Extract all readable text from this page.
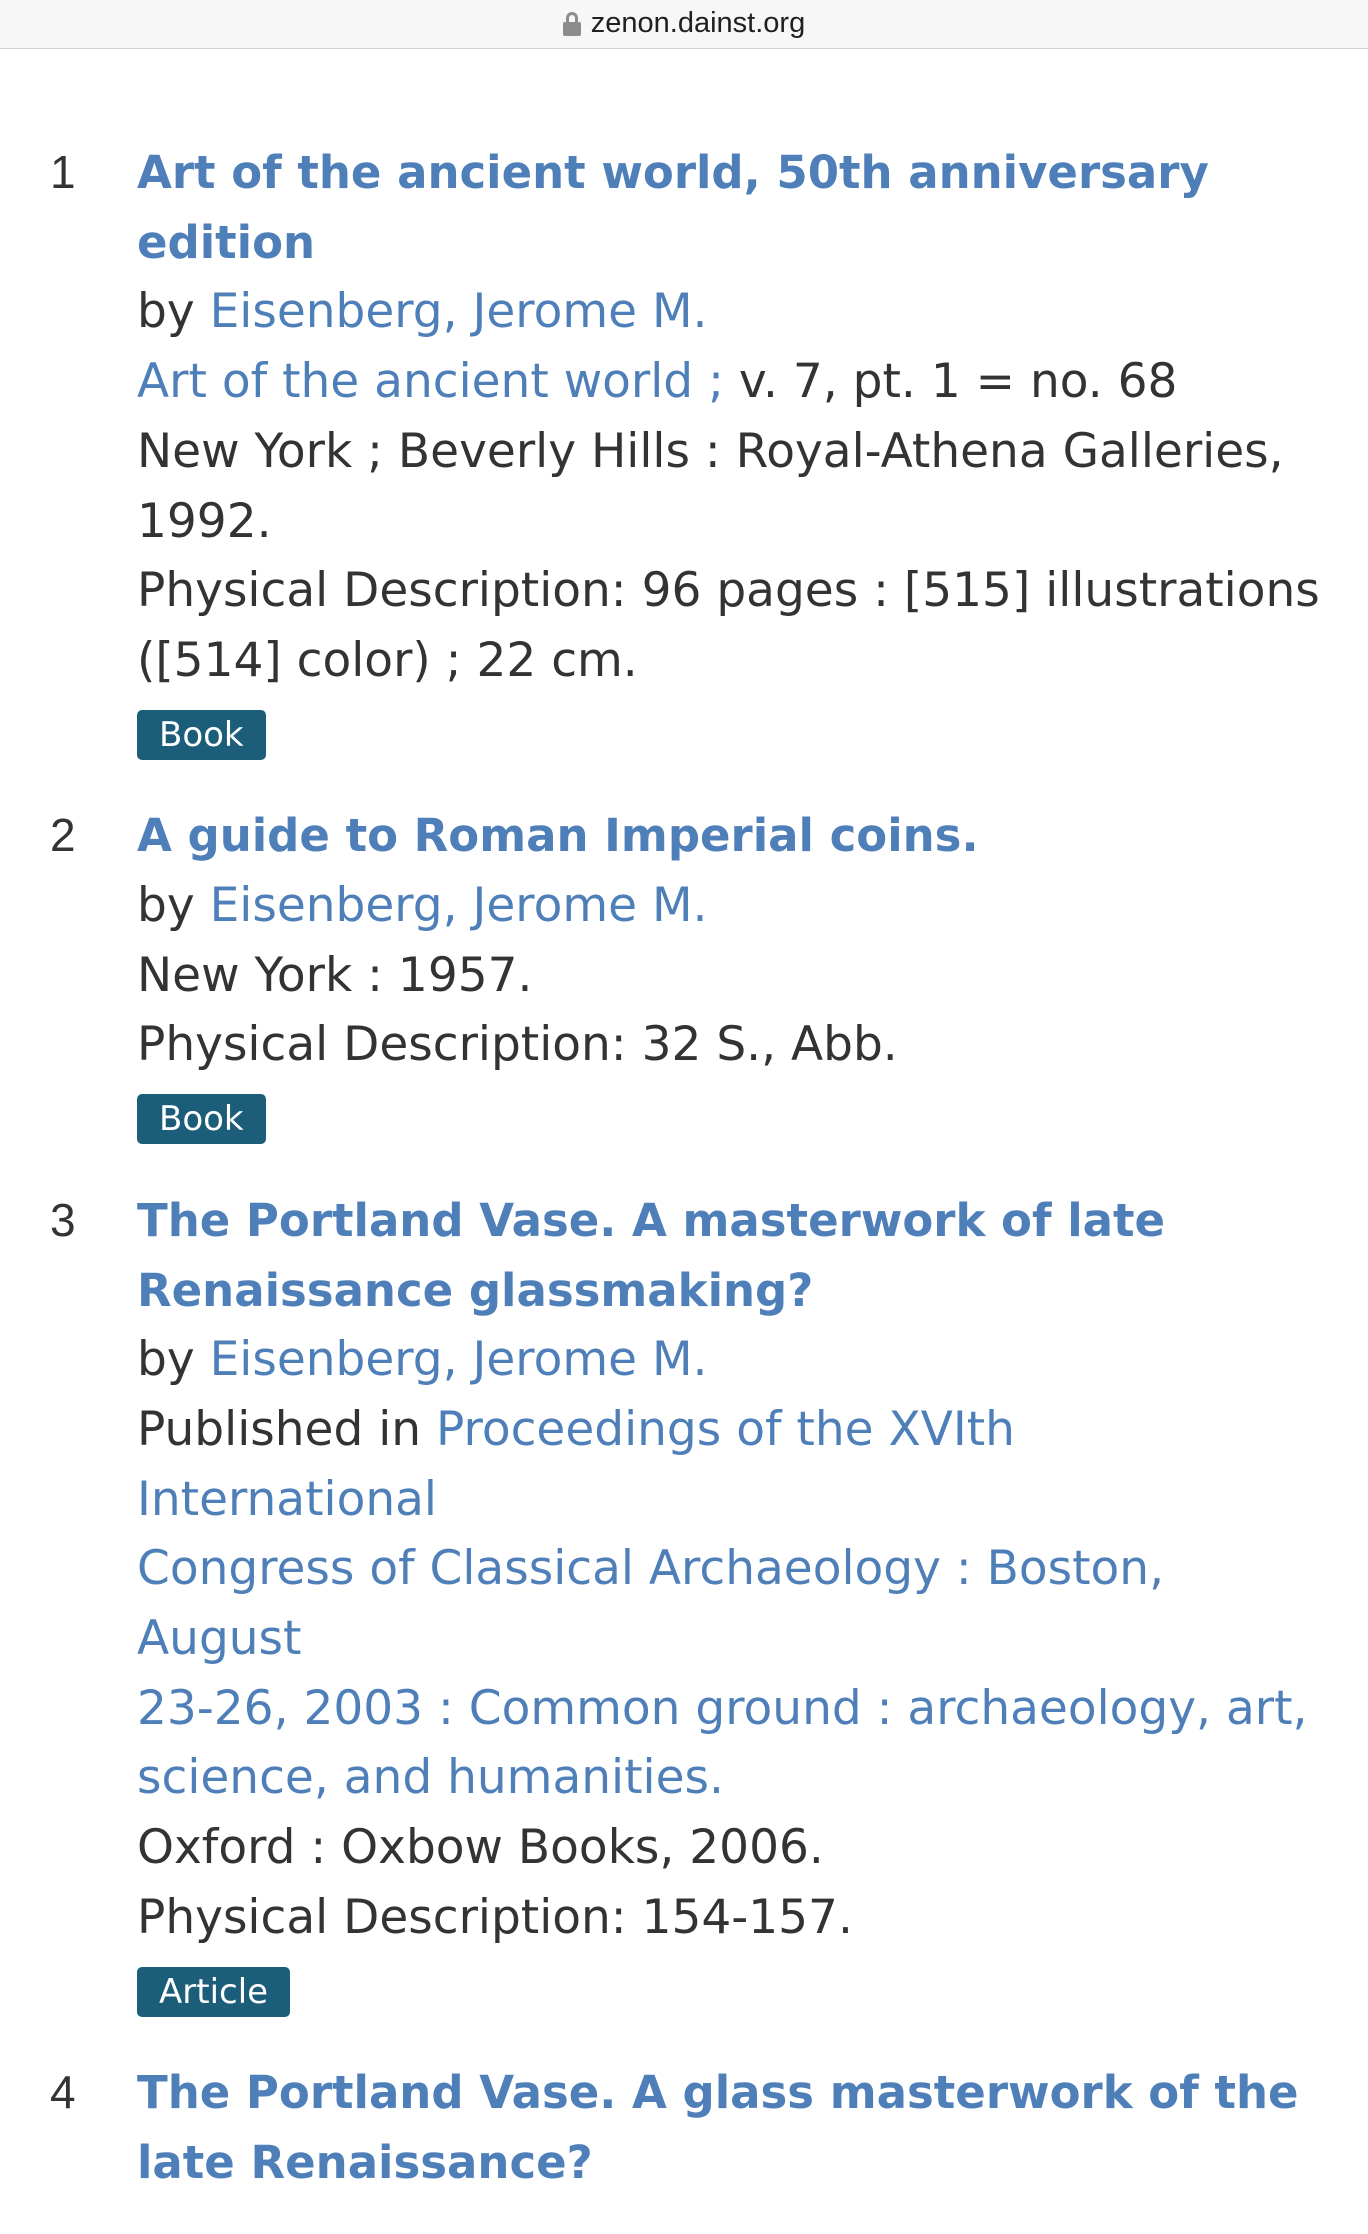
zenon.dainst.org
1	Art of the ancient world, 50th anniversary
edition
by Eisenberg, Jerome M.
Art of the ancient world ; v. 7, pt. 1 = no. 68
New York ; Beverly Hills : Royal-Athena Galleries,
1992.
Physical Description: 96 pages : [515] illustrations
([514] color) ; 22 cm.
Book
2	A guide to Roman Imperial coins.
by Eisenberg, Jerome M.
New York : 1957.
Physical Description: 32 S., Abb.
Book
3	The Portland Vase. A masterwork of late
Renaissance glassmaking?
by Eisenberg, Jerome M.
Published in Proceedings of the XVIth International
Congress of Classical Archaeology : Boston, August
23-26, 2003 : Common ground : archaeology, art,
science, and humanities.
Oxford : Oxbow Books, 2006.
Physical Description: 154-157.
Article
4	The Portland Vase. A glass masterwork of the
late Renaissance?
